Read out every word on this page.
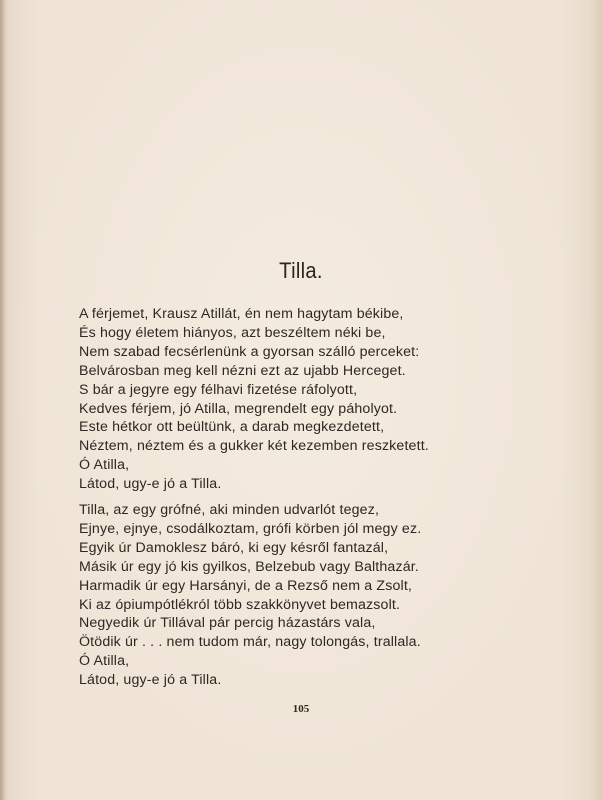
Tilla.
A férjemet, Krausz Atillát, én nem hagytam békibe,
És hogy életem hiányos, azt beszéltem néki be,
Nem szabad fecsérlenünk a gyorsan szálló perceket:
Belvárosban meg kell nézni ezt az ujabb Herceget.
S bár a jegyre egy félhavi fizetése ráfolyott,
Kedves férjem, jó Atilla, megrendelt egy páholyot.
Este hétkor ott beültünk, a darab megkezdetett,
Néztem, néztem és a gukker két kezemben reszketett.
Ó Atilla,
Látod, ugy-e jó a Tilla.
Tilla, az egy grófné, aki minden udvarlót tegez,
Ejnye, ejnye, csodálkoztam, grófi körben jól megy ez.
Egyik úr Damoklesz báró, ki egy késről fantazál,
Másik úr egy jó kis gyilkos, Belzebub vagy Balthazár.
Harmadik úr egy Harsányi, de a Rezső nem a Zsolt,
Ki az ópiumpótlékról több szakkönyvet bemazsolt.
Negyedik úr Tillával pár percig házastárs vala,
Ötödik úr . . . nem tudom már, nagy tolongás, trallala.
Ó Atilla,
Látod, ugy-e jó a Tilla.
105
